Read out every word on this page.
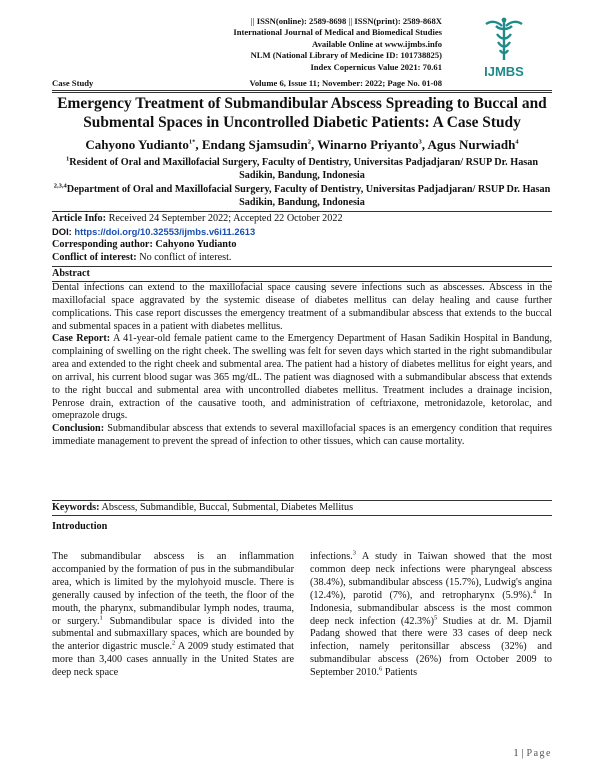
|| ISSN(online): 2589-8698 || ISSN(print): 2589-868X
International Journal of Medical and Biomedical Studies
Available Online at www.ijmbs.info
NLM (National Library of Medicine ID: 101738825)
Index Copernicus Value 2021: 70.61	IJMBS
Case Study	Volume 6, Issue 11; November: 2022; Page No. 01-08
Emergency Treatment of Submandibular Abscess Spreading to Buccal and Submental Spaces in Uncontrolled Diabetic Patients: A Case Study
Cahyono Yudianto$^{1*}$, Endang Sjamsudin$^2$, Winarno Priyanto$^3$, Agus Nurwiadh$^4$
$^1$Resident of Oral and Maxillofacial Surgery, Faculty of Dentistry, Universitas Padjadjaran/ RSUP Dr. Hasan Sadikin, Bandung, Indonesia
$^{2,3,4}$Department of Oral and Maxillofacial Surgery, Faculty of Dentistry, Universitas Padjadjaran/ RSUP Dr. Hasan Sadikin, Bandung, Indonesia
Article Info: Received 24 September 2022; Accepted 22 October 2022
DOI: https://doi.org/10.32553/ijmbs.v6i11.2613
Corresponding author: Cahyono Yudianto
Conflict of interest: No conflict of interest.
Abstract

Dental infections can extend to the maxillofacial space causing severe infections such as abscesses. Abscess in the maxillofacial space aggravated by the systemic disease of diabetes mellitus can delay healing and cause further complications. This case report discusses the emergency treatment of a submandibular abscess that extends to the buccal and submental spaces in a patient with diabetes mellitus.

Case Report: A 41-year-old female patient came to the Emergency Department of Hasan Sadikin Hospital in Bandung, complaining of swelling on the right cheek. The swelling was felt for seven days which started in the right submandibular area and extended to the right cheek and submental area. The patient had a history of diabetes mellitus for eight years, and on arrival, his current blood sugar was 365 mg/dL. The patient was diagnosed with a submandibular abscess that extends to the right buccal and submental area with uncontrolled diabetes mellitus. Treatment includes a drainage incision, Penrose drain, extraction of the causative tooth, and administration of ceftriaxone, metronidazole, ketorolac, and omeprazole drugs.

Conclusion: Submandibular abscess that extends to several maxillofacial spaces is an emergency condition that requires immediate management to prevent the spread of infection to other tissues, which can cause mortality.

Keywords: Abscess, Submandible, Buccal, Submental, Diabetes Mellitus
Introduction

The submandibular abscess is an inflammation accompanied by the formation of pus in the submandibular area, which is limited by the mylohyoid muscle. There is generally caused by infection of the teeth, the floor of the mouth, the pharynx, submandibular lymph nodes, trauma, or surgery.$^1$ Submandibular space is divided into the submental and submaxillary spaces, which are bounded by the anterior digastric muscle.$^2$ A 2009 study estimated that more than 3,400 cases annually in the United States are deep neck space

infections.$^3$ A study in Taiwan showed that the most common deep neck infections were pharyngeal abscess (38.4%), submandibular abscess (15.7%), Ludwig's angina (12.4%), parotid (7%), and retropharynx (5.9%).$^4$ In Indonesia, submandibular abscess is the most common deep neck infection $(42.3\%)^5$ Studies at dr. M. Djamil Padang showed that there were 33 cases of deep neck infection, namely peritonsillar abscess (32%) and submandibular abscess (26%) from October 2009 to September 2010.$^6$ Patients

1 | Page
